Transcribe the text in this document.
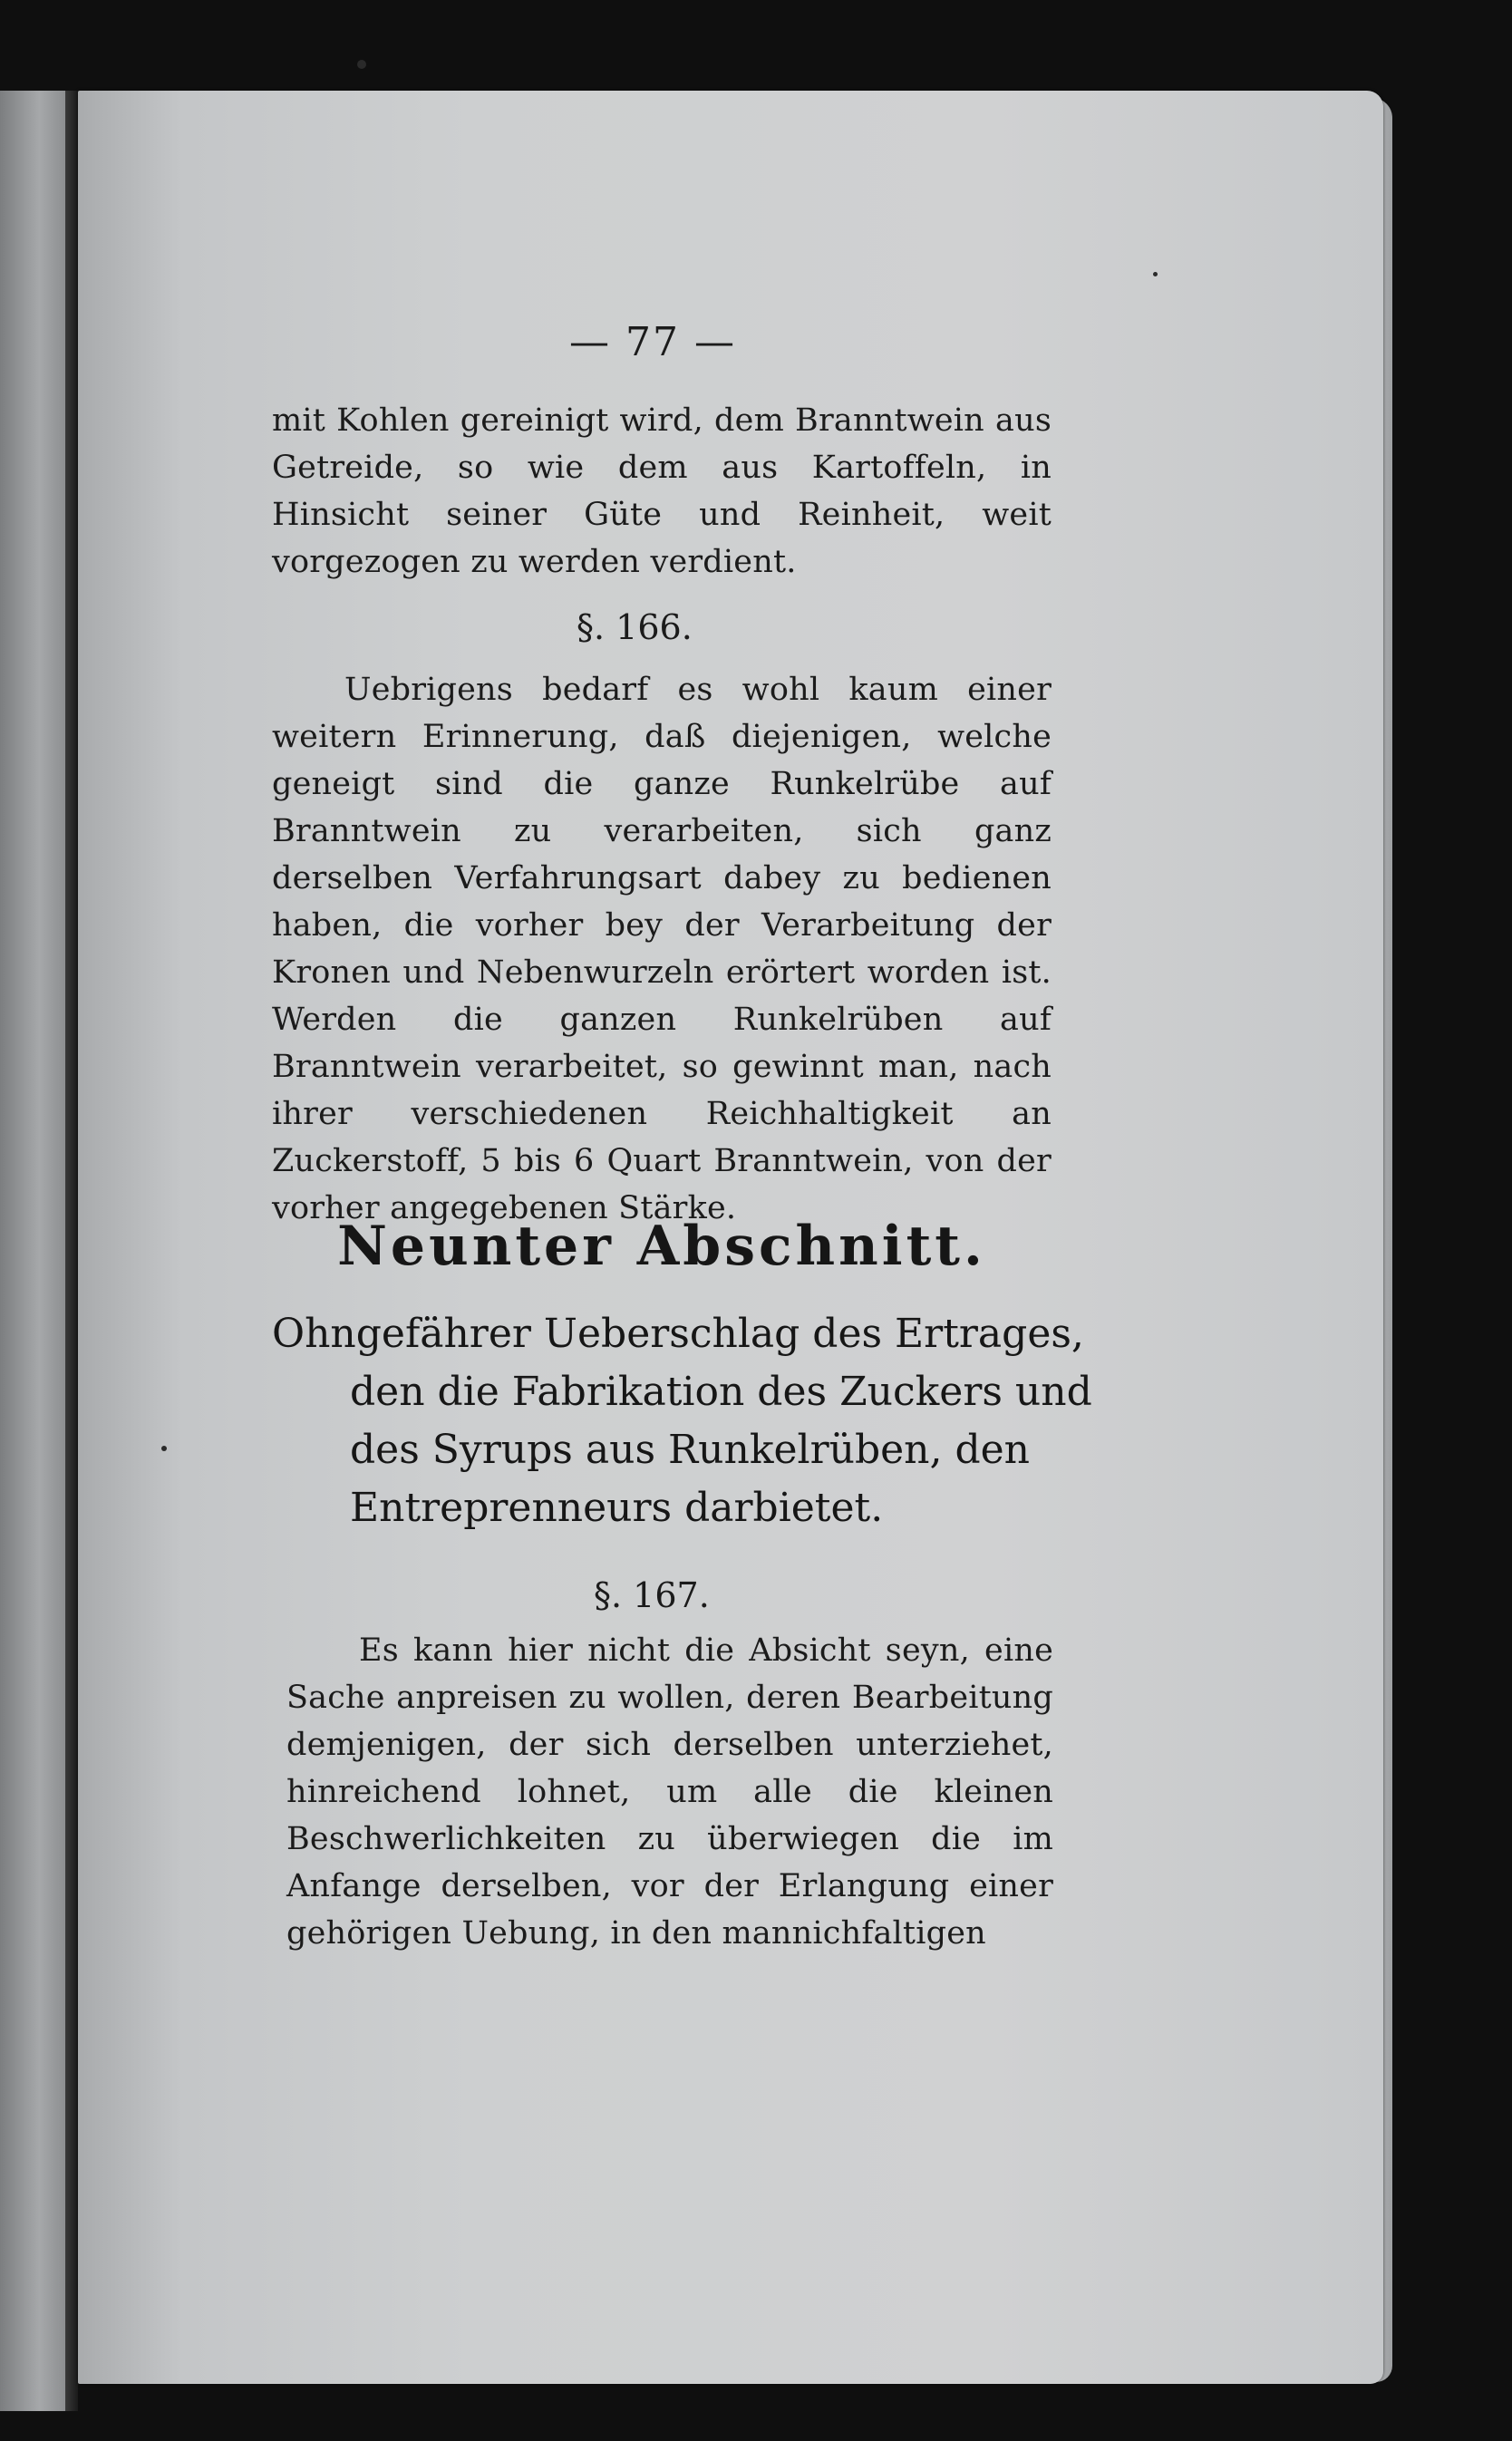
— 77 —

mit Kohlen gereinigt wird, dem Branntwein aus Getreide, so wie dem aus Kartoffeln, in Hinsicht seiner Güte und Reinheit, weit vorgezogen zu werden verdient.

§. 166.

Uebrigens bedarf es wohl kaum einer weitern Erinnerung, daß diejenigen, welche geneigt sind die ganze Runkelrübe auf Branntwein zu verarbeiten, sich ganz derselben Verfahrungsart dabey zu bedienen haben, die vorher bey der Verarbeitung der Kronen und Nebenwurzeln erörtert worden ist. Werden die ganzen Runkelrüben auf Branntwein verarbeitet, so gewinnt man, nach ihrer verschiedenen Reichhaltigkeit an Zuckerstoff, 5 bis 6 Quart Branntwein, von der vorher angegebenen Stärke.

Neunter Abschnitt.

Ohngefährer Ueberschlag des Ertrages, den die Fabrikation des Zuckers und des Syrups aus Runkelrüben, den Entreprenneurs darbietet.

§. 167.

Es kann hier nicht die Absicht seyn, eine Sache anpreisen zu wollen, deren Bearbeitung demjenigen, der sich derselben unterziehet, hinreichend lohnet, um alle die kleinen Beschwerlichkeiten zu überwiegen die im Anfange derselben, vor der Erlangung einer gehörigen Uebung, in den mannichfaltigen
